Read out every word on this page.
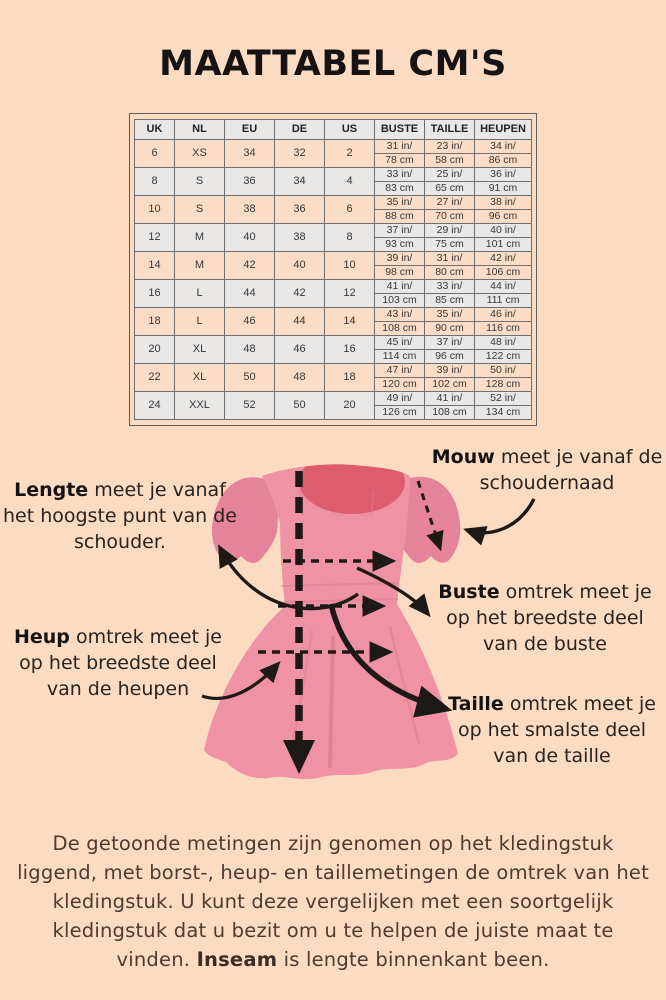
MAATTABEL CM'S
UK	NL	EU	DE	US	BUSTE	TAILLE	HEUPEN
6	XS	34	32	2	31 in/	23 in/	34 in/
					78 cm	58 cm	86 cm
8	S	36	34	4	33 in/	25 in/	36 in/
					83 cm	65 cm	91 cm
10	S	38	36	6	35 in/	27 in/	38 in/
					88 cm	70 cm	96 cm
12	M	40	38	8	37 in/	29 in/	40 in/
					93 cm	75 cm	101 cm
14	M	42	40	10	39 in/	31 in/	42 in/
					98 cm	80 cm	106 cm
16	L	44	42	12	41 in/	33 in/	44 in/
					103 cm	85 cm	111 cm
18	L	46	44	14	43 in/	35 in/	46 in/
					108 cm	90 cm	116 cm
20	XL	48	46	16	45 in/	37 in/	48 in/
					114 cm	96 cm	122 cm
22	XL	50	48	18	47 in/	39 in/	50 in/
					120 cm	102 cm	128 cm
24	XXL	52	50	20	49 in/	41 in/	52 in/
					126 cm	108 cm	134 cm
Lengte meet je vanaf het hoogste punt van de schouder.
Mouw meet je vanaf de schoudernaad
Buste omtrek meet je op het breedste deel van de buste
Heup omtrek meet je op het breedste deel van de heupen
Taille omtrek meet je op het smalste deel van de taille
De getoonde metingen zijn genomen op het kledingstuk liggend, met borst-, heup- en taillemetingen de omtrek van het kledingstuk. U kunt deze vergelijken met een soortgelijk kledingstuk dat u bezit om u te helpen de juiste maat te vinden. Inseam is lengte binnenkant been.
